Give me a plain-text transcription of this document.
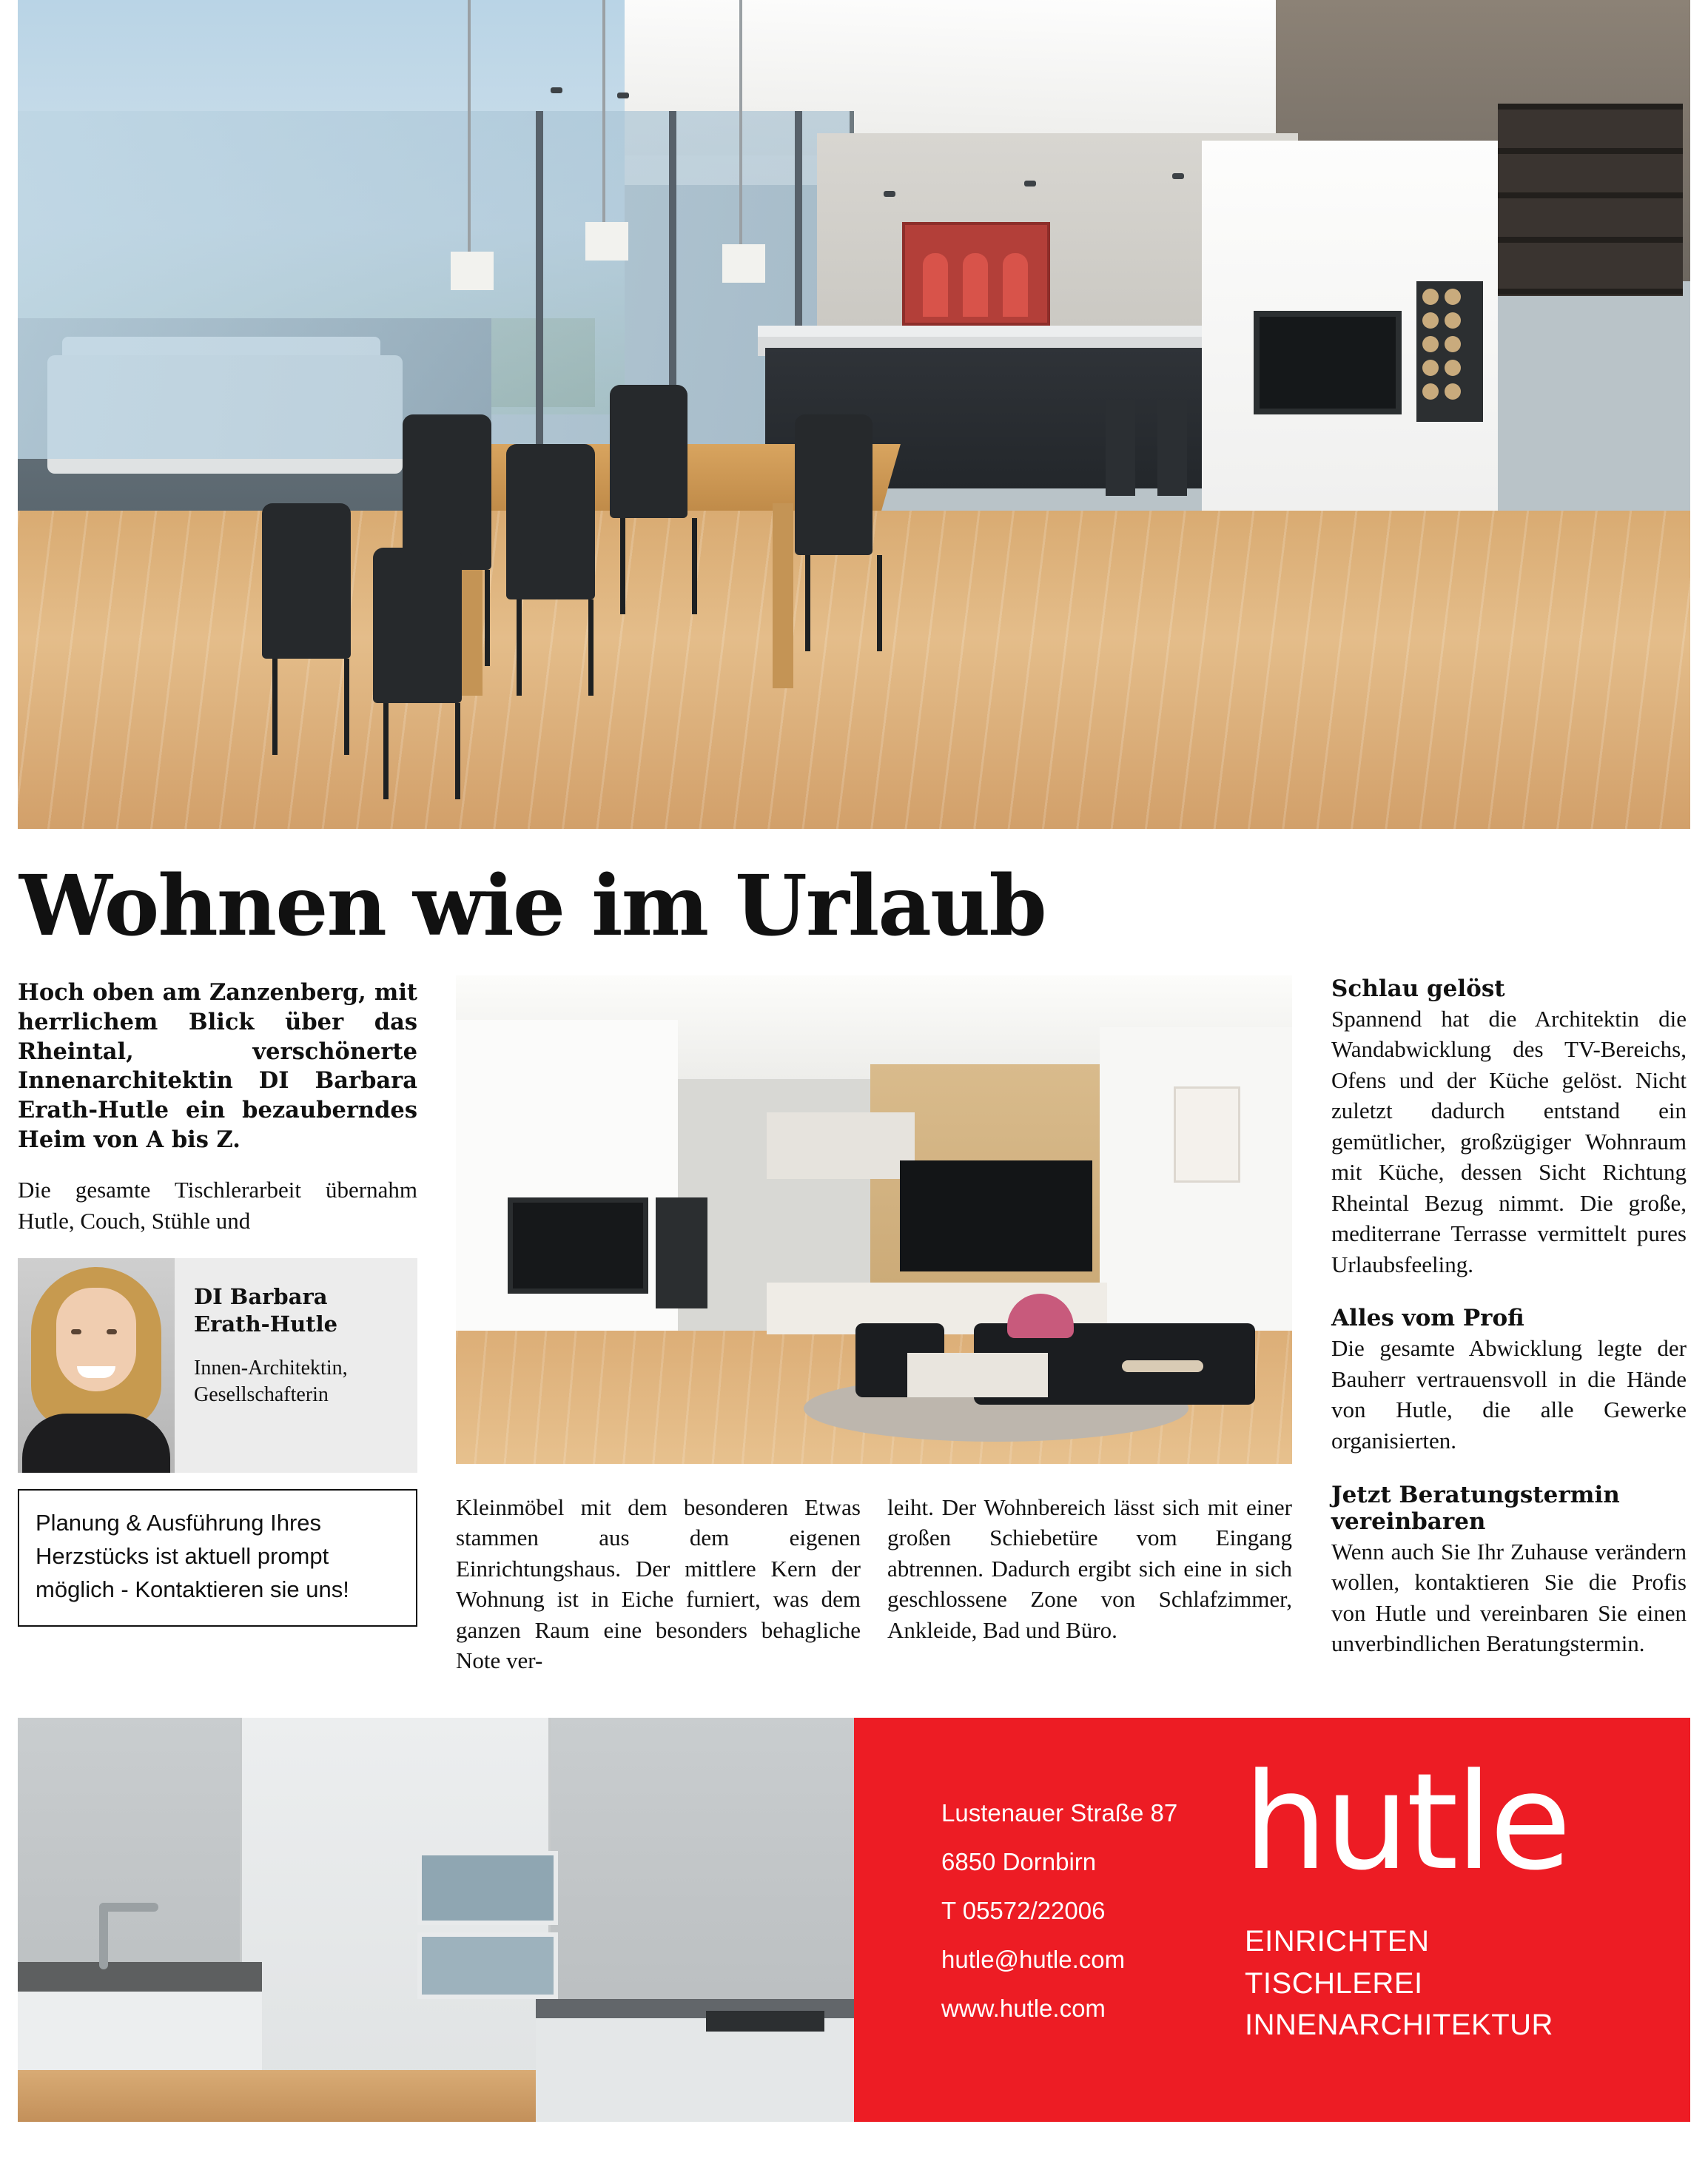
Wohnen wie im Urlaub

Hoch oben am Zanzenberg, mit herrlichem Blick über das Rheintal, verschönerte Innenarchitektin DI Barbara Erath-Hutle ein bezauberndes Heim von A bis Z.

Die gesamte Tischlerarbeit übernahm Hutle, Couch, Stühle und

DI Barbara Erath-Hutle
Innen-Architektin, Gesellschafterin
Planung & Ausführung Ihres Herzstücks ist aktuell prompt möglich - Kontaktieren sie uns!

Kleinmöbel mit dem besonderen Etwas stammen aus dem eigenen Einrichtungshaus. Der mittlere Kern der Wohnung ist in Eiche furniert, was dem ganzen Raum eine besonders behagliche Note ver-

leiht. Der Wohnbereich lässt sich mit einer großen Schiebetüre vom Eingang abtrennen. Dadurch ergibt sich eine in sich geschlossene Zone von Schlafzimmer, Ankleide, Bad und Büro.

Schlau gelöst

Spannend hat die Architektin die Wandabwicklung des TV-Bereichs, Ofens und der Küche gelöst. Nicht zuletzt dadurch entstand ein gemütlicher, großzügiger Wohnraum mit Küche, dessen Sicht Richtung Rheintal Bezug nimmt. Die große, mediterrane Terrasse vermittelt pures Urlaubsfeeling.

Alles vom Profi

Die gesamte Abwicklung legte der Bauherr vertrauensvoll in die Hände von Hutle, die alle Gewerke organisierten.

Jetzt Beratungstermin vereinbaren

Wenn auch Sie Ihr Zuhause verändern wollen, kontaktieren Sie die Profis von Hutle und vereinbaren Sie einen unverbindlichen Beratungstermin.

Lustenauer Straße 87
6850 Dornbirn
T 05572/22006
hutle@hutle.com
www.hutle.com
hutle
EINRICHTEN
TISCHLEREI
INNENARCHITEKTUR
